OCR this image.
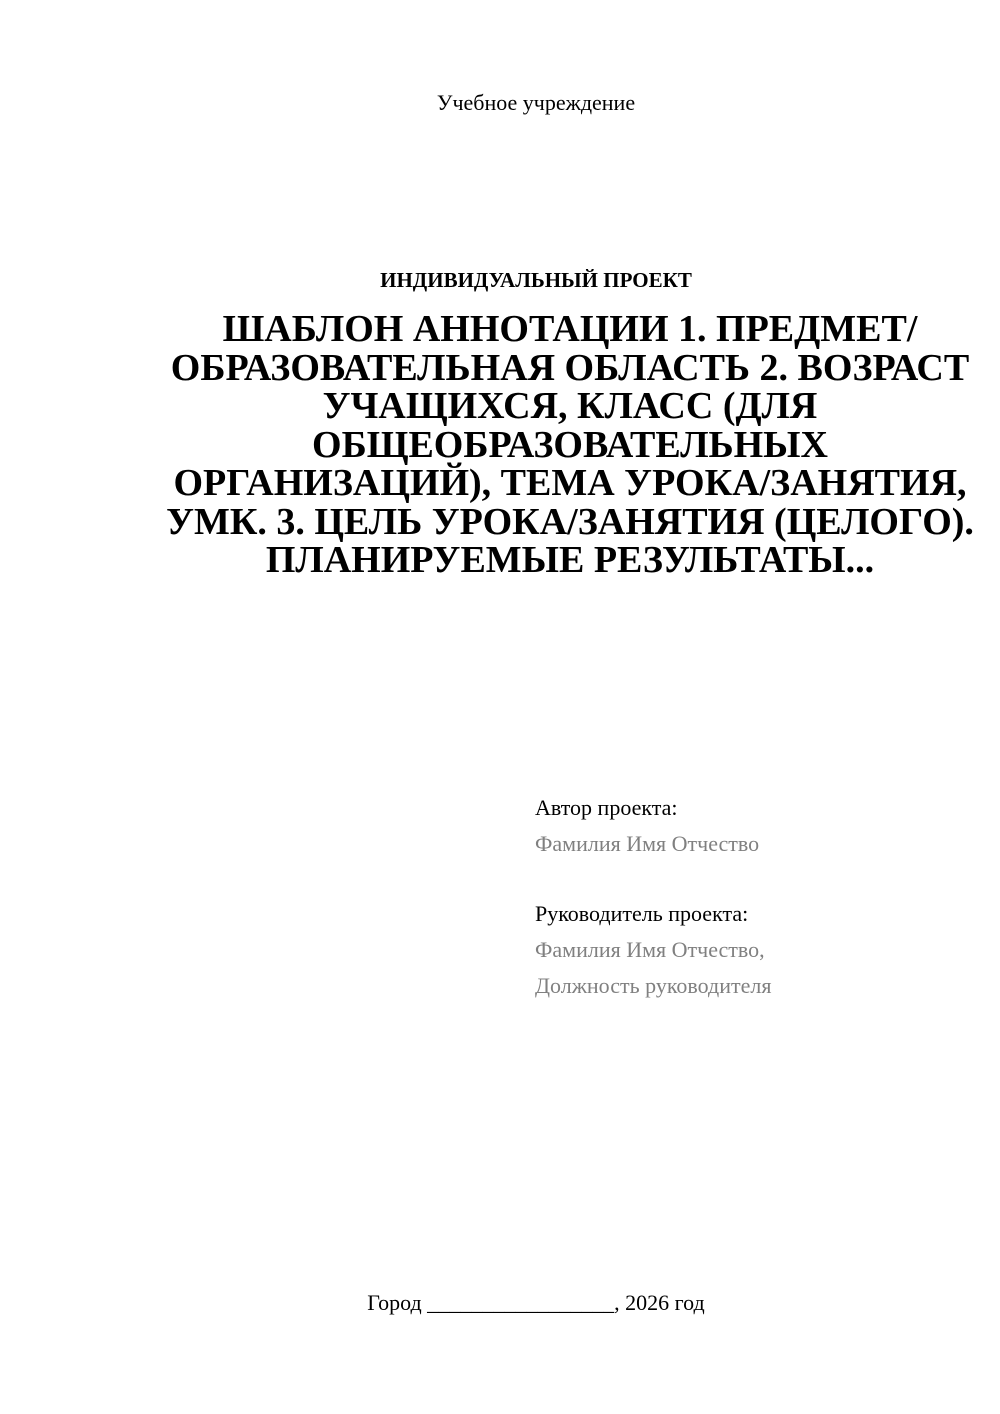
Учебное учреждение
ИНДИВИДУАЛЬНЫЙ ПРОЕКТ
ШАБЛОН АННОТАЦИИ 1. ПРЕДМЕТ/ОБРАЗОВАТЕЛЬНАЯ ОБЛАСТЬ 2. ВОЗРАСТ УЧАЩИХСЯ, КЛАСС (ДЛЯ ОБЩЕОБРАЗОВАТЕЛЬНЫХ ОРГАНИЗАЦИЙ), ТЕМА УРОКА/ЗАНЯТИЯ, УМК. 3. ЦЕЛЬ УРОКА/ЗАНЯТИЯ (ЦЕЛОГО). ПЛАНИРУЕМЫЕ РЕЗУЛЬТАТЫ...
Автор проекта:
Фамилия Имя Отчество
Руководитель проекта:
Фамилия Имя Отчество,
Должность руководителя
Город _________________, 2026 год
